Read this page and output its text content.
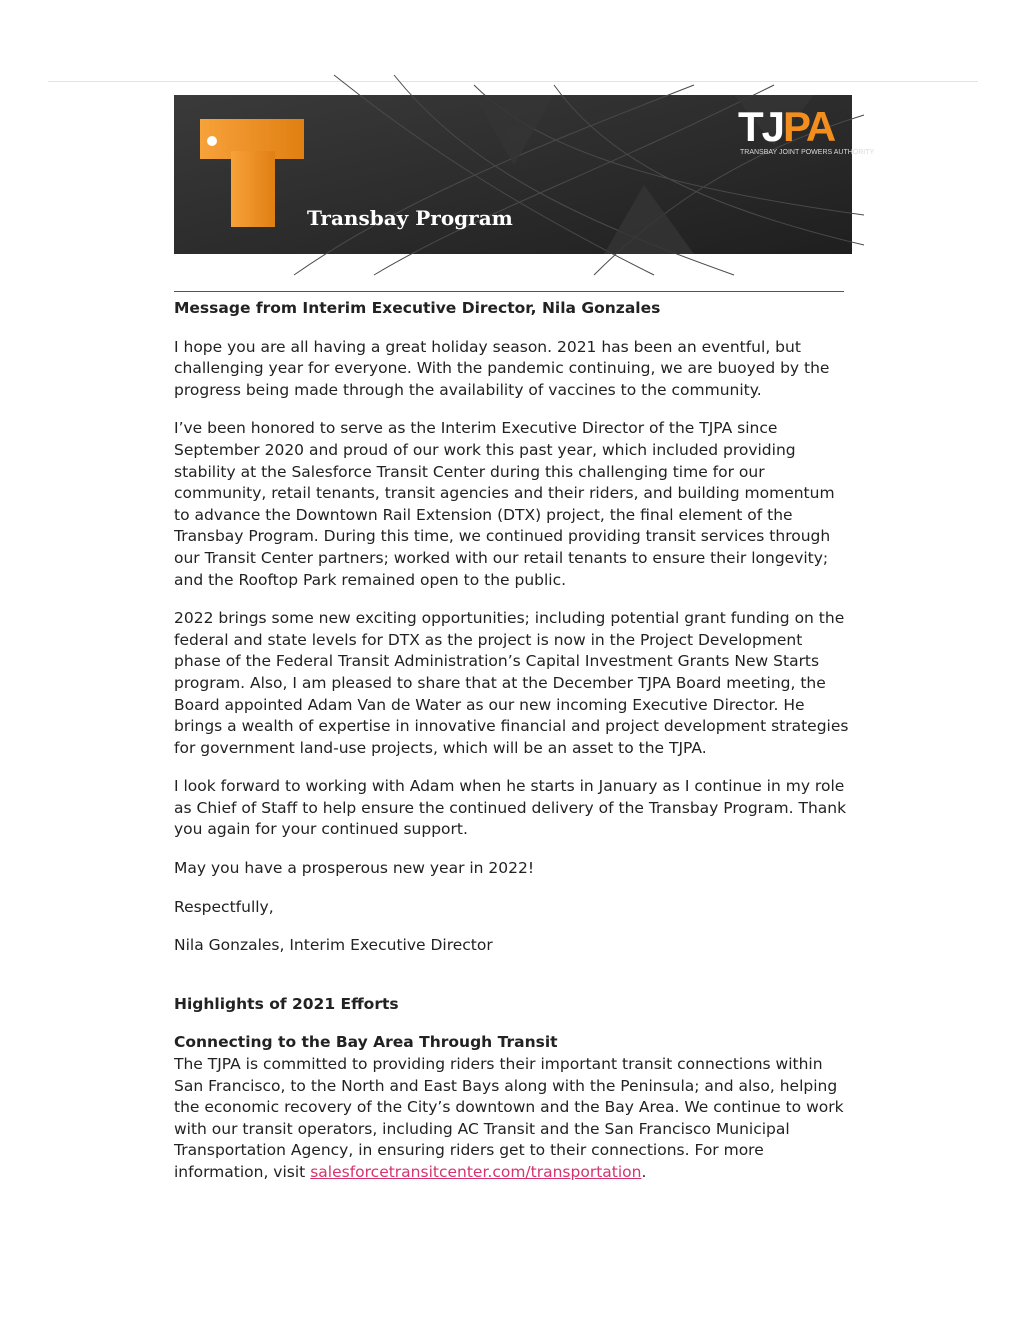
Transbay Program
TJPA
TRANSBAY JOINT POWERS AUTHORITY

Message from Interim Executive Director, Nila Gonzales

I hope you are all having a great holiday season. 2021 has been an eventful, but challenging year for everyone. With the pandemic continuing, we are buoyed by the progress being made through the availability of vaccines to the community.

I’ve been honored to serve as the Interim Executive Director of the TJPA since September 2020 and proud of our work this past year, which included providing stability at the Salesforce Transit Center during this challenging time for our community, retail tenants, transit agencies and their riders, and building momentum to advance the Downtown Rail Extension (DTX) project, the final element of the Transbay Program. During this time, we continued providing transit services through our Transit Center partners; worked with our retail tenants to ensure their longevity; and the Rooftop Park remained open to the public.

2022 brings some new exciting opportunities; including potential grant funding on the federal and state levels for DTX as the project is now in the Project Development phase of the Federal Transit Administration’s Capital Investment Grants New Starts program. Also, I am pleased to share that at the December TJPA Board meeting, the Board appointed Adam Van de Water as our new incoming Executive Director. He brings a wealth of expertise in innovative financial and project development strategies for government land-use projects, which will be an asset to the TJPA.

I look forward to working with Adam when he starts in January as I continue in my role as Chief of Staff to help ensure the continued delivery of the Transbay Program. Thank you again for your continued support.

May you have a prosperous new year in 2022!

Respectfully,

Nila Gonzales, Interim Executive Director

Highlights of 2021 Efforts

Connecting to the Bay Area Through Transit

The TJPA is committed to providing riders their important transit connections within San Francisco, to the North and East Bays along with the Peninsula; and also, helping the economic recovery of the City’s downtown and the Bay Area. We continue to work with our transit operators, including AC Transit and the San Francisco Municipal Transportation Agency, in ensuring riders get to their connections. For more information, visit salesforcetransitcenter.com/transportation.
